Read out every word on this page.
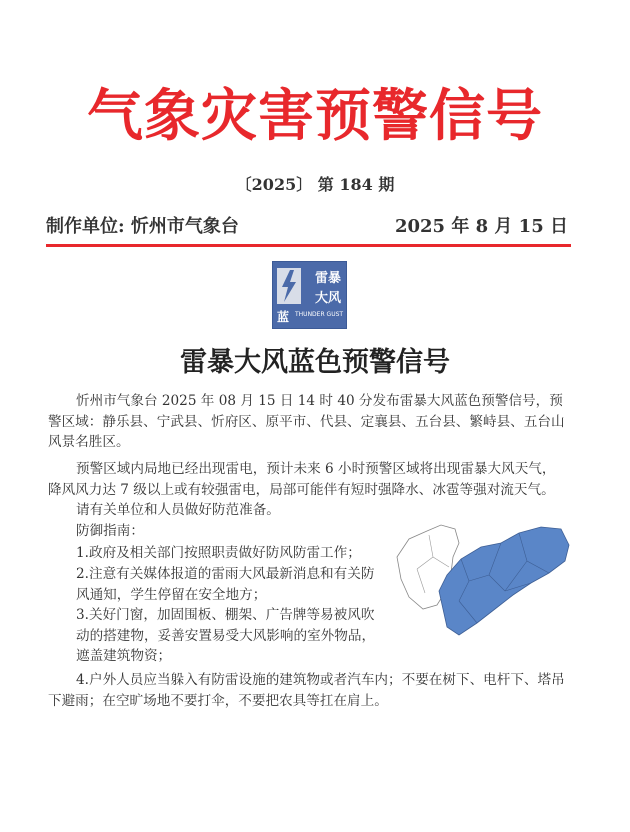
气象灾害预警信号
〔2025〕 第 184 期
制作单位: 忻州市气象台	2025 年 8 月 15 日
雷暴
大风
蓝 THUNDER GUST
雷暴大风蓝色预警信号
忻州市气象台 2025 年 08 月 15 日 14 时 40 分发布雷暴大风蓝色预警信号，预警区域：静乐县、宁武县、忻府区、原平市、代县、定襄县、五台县、繁峙县、五台山风景名胜区。
预警区域内局地已经出现雷电，预计未来 6 小时预警区域将出现雷暴大风天气，降风风力达 7 级以上或有较强雷电，局部可能伴有短时强降水、冰雹等强对流天气。
请有关单位和人员做好防范准备。
防御指南：
1.政府及相关部门按照职责做好防风防雷工作；
2.注意有关媒体报道的雷雨大风最新消息和有关防风通知，学生停留在安全地方；
3.关好门窗，加固围板、棚架、广告牌等易被风吹动的搭建物，妥善安置易受大风影响的室外物品，遮盖建筑物资；
4.户外人员应当躲入有防雷设施的建筑物或者汽车内；不要在树下、电杆下、塔吊下避雨；在空旷场地不要打伞，不要把农具等扛在肩上。
